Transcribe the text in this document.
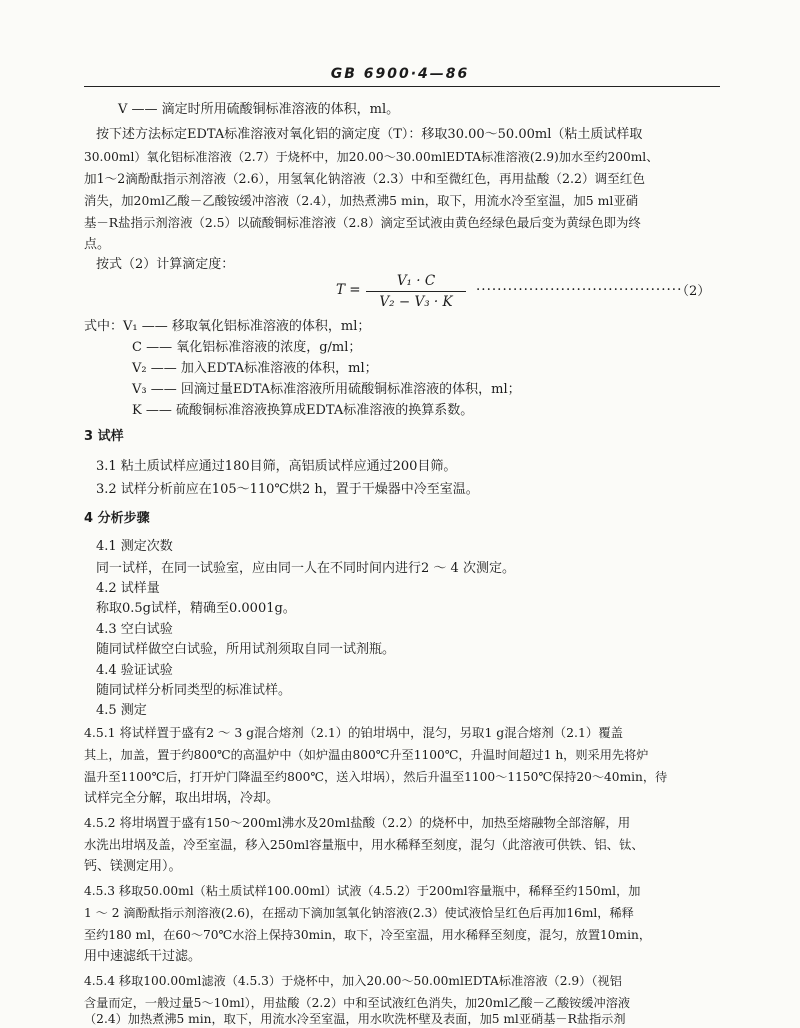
GB 6900·4—86
V —— 滴定时所用硫酸铜标准溶液的体积，ml。
按下述方法标定EDTA标准溶液对氧化铝的滴定度（T）：移取30.00～50.00ml（粘土质试样取
30.00ml）氧化铝标准溶液（2.7）于烧杯中，加20.00～30.00mlEDTA标准溶液(2.9)加水至约200ml、
加1～2滴酚酞指示剂溶液（2.6），用氢氧化钠溶液（2.3）中和至微红色，再用盐酸（2.2）调至红色
消失，加20ml乙酸－乙酸铵缓冲溶液（2.4），加热煮沸5 min，取下，用流水冷至室温，加5 ml亚硝
基－R盐指示剂溶液（2.5）以硫酸铜标准溶液（2.8）滴定至试液由黄色经绿色最后变为黄绿色即为终
点。
按式（2）计算滴定度：
T =
V₁ · C
V₂ − V₃ · K
·······································
（2）
式中：V₁ —— 移取氧化铝标准溶液的体积，ml；
C —— 氧化铝标准溶液的浓度，g/ml；
V₂ —— 加入EDTA标准溶液的体积，ml；
V₃ —— 回滴过量EDTA标准溶液所用硫酸铜标准溶液的体积，ml；
K —— 硫酸铜标准溶液换算成EDTA标准溶液的换算系数。
3 试样
3.1 粘土质试样应通过180目筛，高铝质试样应通过200目筛。
3.2 试样分析前应在105～110℃烘2 h，置于干燥器中冷至室温。
4 分析步骤
4.1 测定次数
同一试样，在同一试验室，应由同一人在不同时间内进行2 ～ 4 次测定。
4.2 试样量
称取0.5g试样，精确至0.0001g。
4.3 空白试验
随同试样做空白试验，所用试剂须取自同一试剂瓶。
4.4 验证试验
随同试样分析同类型的标准试样。
4.5 测定
4.5.1 将试样置于盛有2 ～ 3 g混合熔剂（2.1）的铂坩埚中，混匀，另取1 g混合熔剂（2.1）覆盖
其上，加盖，置于约800℃的高温炉中（如炉温由800℃升至1100℃，升温时间超过1 h，则采用先将炉
温升至1100℃后，打开炉门降温至约800℃，送入坩埚），然后升温至1100～1150℃保持20～40min，待
试样完全分解，取出坩埚，冷却。
4.5.2 将坩埚置于盛有150～200ml沸水及20ml盐酸（2.2）的烧杯中，加热至熔融物全部溶解，用
水洗出坩埚及盖，冷至室温，移入250ml容量瓶中，用水稀释至刻度，混匀（此溶液可供铁、铝、钛、
钙、镁测定用）。
4.5.3 移取50.00ml（粘土质试样100.00ml）试液（4.5.2）于200ml容量瓶中，稀释至约150ml，加
1 ～ 2 滴酚酞指示剂溶液(2.6)，在摇动下滴加氢氧化钠溶液(2.3）使试液恰呈红色后再加16ml，稀释
至约180 ml，在60～70℃水浴上保持30min，取下，冷至室温，用水稀释至刻度，混匀，放置10min，
用中速滤纸干过滤。
4.5.4 移取100.00ml滤液（4.5.3）于烧杯中，加入20.00～50.00mlEDTA标准溶液（2.9）（视铝
含量而定，一般过量5～10ml），用盐酸（2.2）中和至试液红色消失，加20ml乙酸－乙酸铵缓冲溶液
（2.4）加热煮沸5 min，取下，用流水冷至室温，用水吹洗杯壁及表面，加5 ml亚硝基－R盐指示剂
